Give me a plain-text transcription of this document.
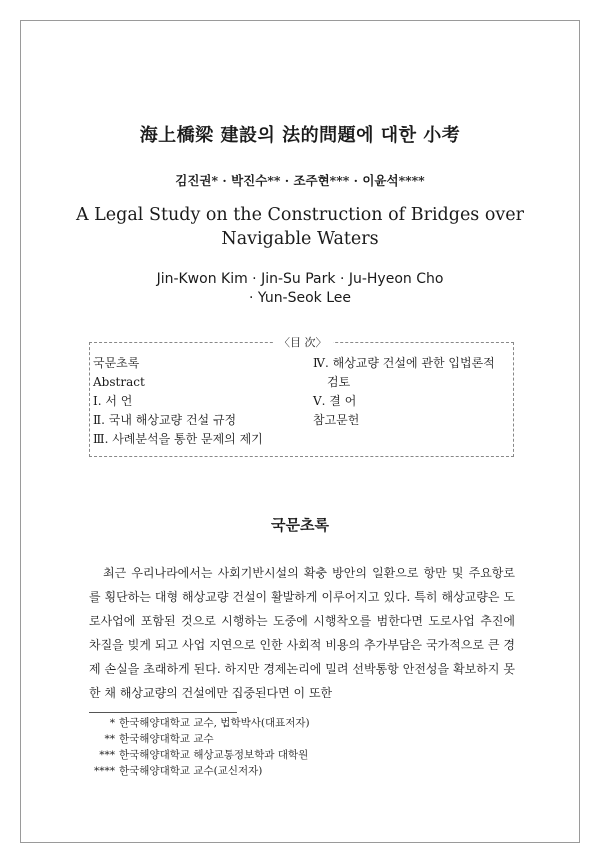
海上橋梁 建設의 法的問題에 대한 小考
김진권* · 박진수** · 조주현*** · 이윤석****
A Legal Study on the Construction of Bridges over
Navigable Waters
Jin-Kwon Kim · Jin-Su Park · Ju-Hyeon Cho
· Yun-Seok Lee
〈目 次〉
국문초록
Abstract
Ⅰ. 서 언
Ⅱ. 국내 해상교량 건설 규정
Ⅲ. 사례분석을 통한 문제의 제기
Ⅳ. 해상교량 건설에 관한 입법론적
검토
Ⅴ. 결 어
참고문헌
국문초록

최근 우리나라에서는 사회기반시설의 확충 방안의 일환으로 항만 및 주요항로를 횡단하는 대형 해상교량 건설이 활발하게 이루어지고 있다. 특히 해상교량은 도로사업에 포함된 것으로 시행하는 도중에 시행착오를 범한다면 도로사업 추진에 차질을 빚게 되고 사업 지연으로 인한 사회적 비용의 추가부담은 국가적으로 큰 경제 손실을 초래하게 된다. 하지만 경제논리에 밀려 선박통항 안전성을 확보하지 못한 채 해상교량의 건설에만 집중된다면 이 또한

* 한국해양대학교 교수, 법학박사(대표저자)
** 한국해양대학교 교수
*** 한국해양대학교 해상교통정보학과 대학원
**** 한국해양대학교 교수(교신저자)
